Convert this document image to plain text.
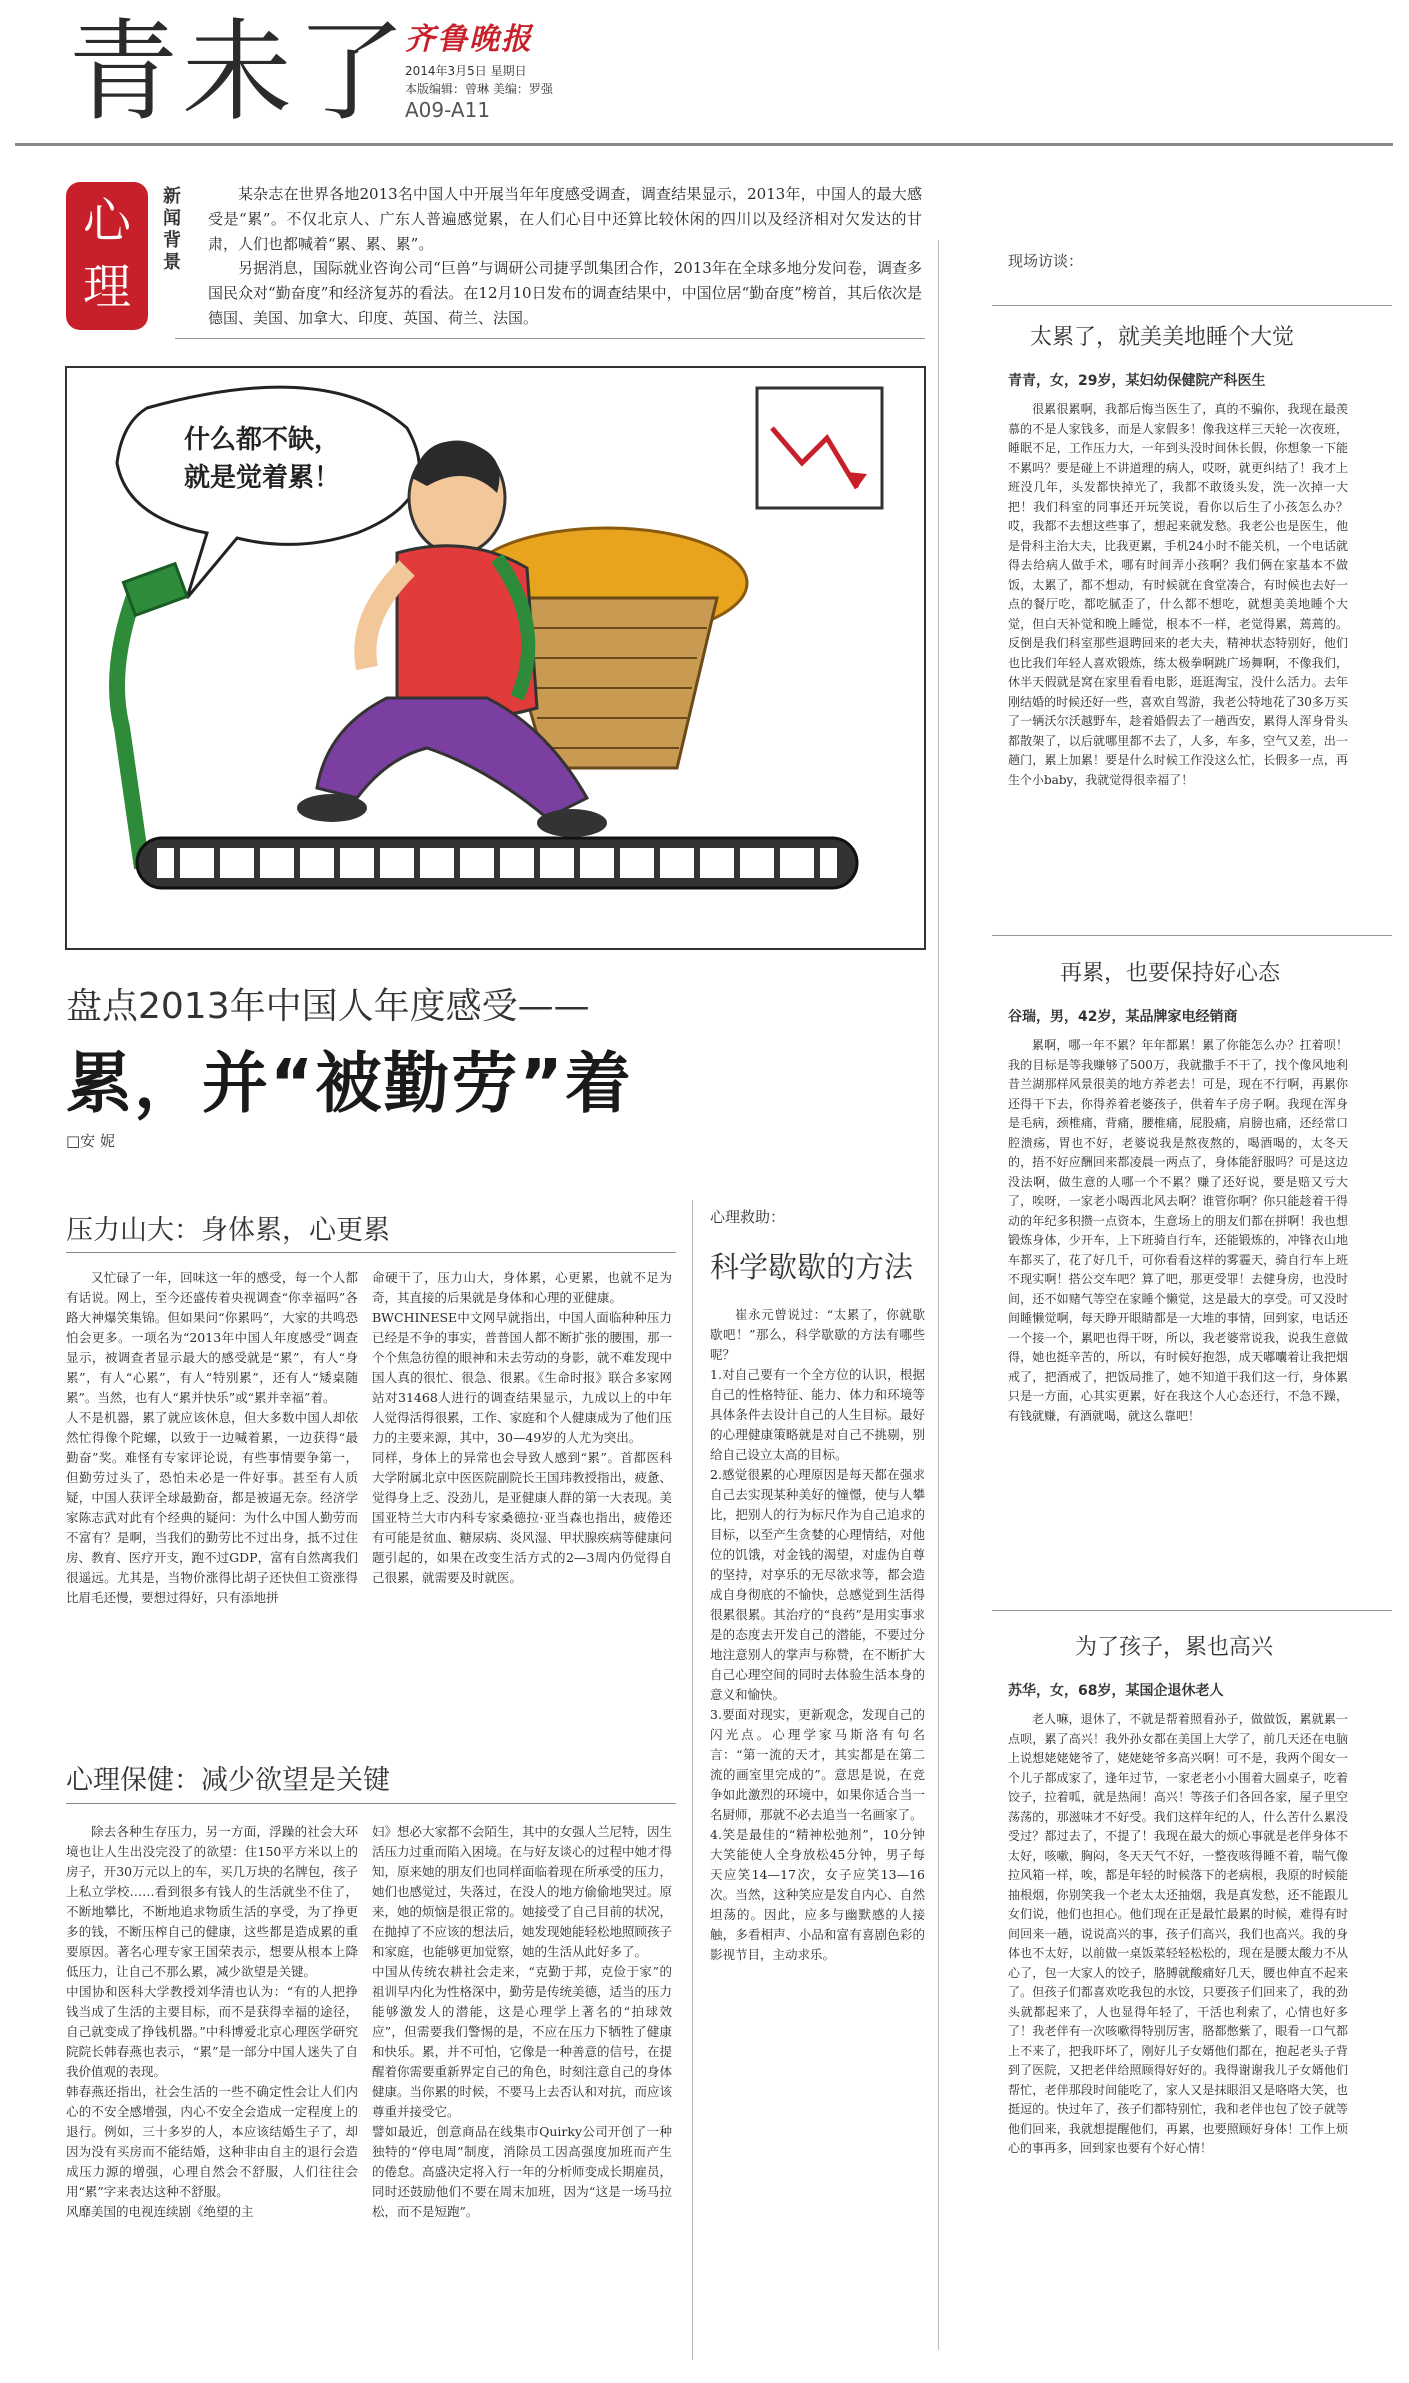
青未了
齐鲁晚报
2014年3月5日 星期日
本版编辑：曾琳 美编：罗强
A09-A11
心
理
新闻背景
某杂志在世界各地2013名中国人中开展当年年度感受调查，调查结果显示，2013年，中国人的最大感受是“累”。不仅北京人、广东人普遍感觉累，在人们心目中还算比较休闲的四川以及经济相对欠发达的甘肃，人们也都喊着“累、累、累”。
另据消息，国际就业咨询公司“巨兽”与调研公司捷孚凯集团合作，2013年在全球多地分发问卷，调查多国民众对“勤奋度”和经济复苏的看法。在12月10日发布的调查结果中，中国位居“勤奋度”榜首，其后依次是德国、美国、加拿大、印度、英国、荷兰、法国。
什么都不缺，
就是觉着累！
盘点2013年中国人年度感受——
累，并“被勤劳”着
□安 妮
压力山大：身体累，心更累
又忙碌了一年，回味这一年的感受，每一个人都有话说。网上，至今还盛传着央视调查“你幸福吗”各路大神爆笑集锦。但如果问“你累吗”，大家的共鸣恐怕会更多。一项名为“2013年中国人年度感受”调查显示，被调查者显示最大的感受就是“累”，有人“身累”，有人“心累”，有人“特别累”，还有人“矮桌随累”。当然，也有人“累并快乐”或“累并幸福”着。
人不是机器，累了就应该休息，但大多数中国人却依然忙得像个陀螺，以致于一边喊着累，一边获得“最勤奋”奖。难怪有专家评论说，有些事情要争第一，但勤劳过头了，恐怕未必是一件好事。甚至有人质疑，中国人获评全球最勤奋，都是被逼无奈。经济学家陈志武对此有个经典的疑问：为什么中国人勤劳而不富有？是啊，当我们的勤劳比不过出身，抵不过住房、教育、医疗开支，跑不过GDP，富有自然离我们很遥远。尤其是，当物价涨得比胡子还快但工资涨得比眉毛还慢，要想过得好，只有添地拼
命硬干了，压力山大，身体累，心更累，也就不足为奇，其直接的后果就是身体和心理的亚健康。
BWCHINESE中文网早就指出，中国人面临种种压力已经是不争的事实，普普国人都不断扩张的腰围，那一个个焦急彷徨的眼神和未去劳动的身影，就不难发现中国人真的很忙、很急、很累。《生命时报》联合多家网站对31468人进行的调查结果显示，九成以上的中年人觉得活得很累，工作、家庭和个人健康成为了他们压力的主要来源，其中，30—49岁的人尤为突出。
同样，身体上的异常也会导致人感到“累”。首都医科大学附属北京中医医院副院长王国玮教授指出，疲惫、觉得身上乏、没劲儿，是亚健康人群的第一大表现。美国亚特兰大市内科专家桑德拉·亚当森也指出，疲倦还有可能是贫血、糖尿病、炎风湿、甲状腺疾病等健康问题引起的，如果在改变生活方式的2—3周内仍觉得自己很累，就需要及时就医。
心理保健：减少欲望是关键
除去各种生存压力，另一方面，浮躁的社会大环境也让人生出没完没了的欲望：住150平方米以上的房子，开30万元以上的车，买几万块的名牌包，孩子上私立学校……看到很多有钱人的生活就坐不住了，不断地攀比，不断地追求物质生活的享受，为了挣更多的钱，不断压榨自己的健康，这些都是造成累的重要原因。著名心理专家王国荣表示，想要从根本上降低压力，让自己不那么累，减少欲望是关键。
中国协和医科大学教授刘华清也认为：“有的人把挣钱当成了生活的主要目标，而不是获得幸福的途径，自己就变成了挣钱机器。”中科博爱北京心理医学研究院院长韩春燕也表示，“累”是一部分中国人迷失了自我价值观的表现。
韩春燕还指出，社会生活的一些不确定性会让人们内心的不安全感增强，内心不安全会造成一定程度上的退行。例如，三十多岁的人，本应该结婚生子了，却因为没有买房而不能结婚，这种非由自主的退行会造成压力源的增强，心理自然会不舒服，人们往往会用“累”字来表达这种不舒服。
风靡美国的电视连续剧《绝望的主
妇》想必大家都不会陌生，其中的女强人兰尼特，因生活压力过重而陷入困境。在与好友谈心的过程中她才得知，原来她的朋友们也同样面临着现在所承受的压力，她们也感觉过，失落过，在没人的地方偷偷地哭过。原来，她的烦恼是很正常的。她接受了自己目前的状况，在抛掉了不应该的想法后，她发现她能轻松地照顾孩子和家庭，也能够更加觉察，她的生活从此好多了。
中国从传统农耕社会走来，“克勤于邦，克俭于家”的祖训早内化为性格深中，勤劳是传统美德，适当的压力能够激发人的潜能，这是心理学上著名的“拍球效应”，但需要我们警惕的是，不应在压力下牺牲了健康和快乐。累，并不可怕，它像是一种善意的信号，在提醒着你需要重新界定自己的角色，时刻注意自己的身体健康。当你累的时候，不要马上去否认和对抗，而应该尊重并接受它。
譬如最近，创意商品在线集市Quirky公司开创了一种独特的“停电周”制度，消除员工因高强度加班而产生的倦怠。高盛决定将入行一年的分析师变成长期雇员，同时还鼓励他们不要在周末加班，因为“这是一场马拉松，而不是短跑”。
心理救助：
科学歇歇的方法
崔永元曾说过：“太累了，你就歇歇吧！”那么，科学歇歇的方法有哪些呢？
1.对自己要有一个全方位的认识，根据自己的性格特征、能力、体力和环境等具体条件去设计自己的人生目标。最好的心理健康策略就是对自己不挑剔，别给自己设立太高的目标。
2.感觉很累的心理原因是每天都在强求自己去实现某种美好的憧憬，使与人攀比，把别人的行为标尺作为自己追求的目标，以至产生贪婪的心理情结，对他位的饥饿，对金钱的渴望，对虚伪自尊的坚持，对享乐的无尽欲求等，都会造成自身彻底的不愉快，总感觉到生活得很累很累。其治疗的“良药”是用实事求是的态度去开发自己的潜能，不要过分地注意别人的掌声与称赞，在不断扩大自己心理空间的同时去体验生活本身的意义和愉快。
3.要面对现实，更新观念，发现自己的闪光点。心理学家马斯洛有句名言：“第一流的天才，其实都是在第二流的画室里完成的”。意思是说，在竞争如此激烈的环境中，如果你适合当一名厨师，那就不必去追当一名画家了。
4.笑是最佳的“精神松弛剂”，10分钟大笑能使人全身放松45分钟，男子每天应笑14—17次，女子应笑13—16次。当然，这种笑应是发自内心、自然坦荡的。因此，应多与幽默感的人接触，多看相声、小品和富有喜剧色彩的影视节目，主动求乐。
现场访谈：
太累了，就美美地睡个大觉
青青，女，29岁，某妇幼保健院产科医生
很累很累啊，我都后悔当医生了，真的不骗你，我现在最羡慕的不是人家钱多，而是人家假多！像我这样三天轮一次夜班，睡眠不足，工作压力大，一年到头没时间休长假，你想象一下能不累吗？要是碰上不讲道理的病人，哎呀，就更纠结了！我才上班没几年，头发都快掉光了，我都不敢烫头发，洗一次掉一大把！我们科室的同事还开玩笑说，看你以后生了小孩怎么办？哎，我都不去想这些事了，想起来就发愁。我老公也是医生，他是骨科主治大夫，比我更累，手机24小时不能关机，一个电话就得去给病人做手术，哪有时间弄小孩啊？我们俩在家基本不做饭，太累了，都不想动，有时候就在食堂凑合，有时候也去好一点的餐厅吃，都吃腻歪了，什么都不想吃，就想美美地睡个大觉，但白天补觉和晚上睡觉，根本不一样，老觉得累，蔫蔫的。反倒是我们科室那些退聘回来的老大夫，精神状态特别好，他们也比我们年轻人喜欢锻炼，练太极拳啊跳广场舞啊，不像我们，休半天假就是窝在家里看看电影，逛逛淘宝，没什么活力。去年刚结婚的时候还好一些，喜欢自驾游，我老公特地花了30多万买了一辆沃尔沃越野车，趁着婚假去了一趟西安，累得人浑身骨头都散架了，以后就哪里都不去了，人多，车多，空气又差，出一趟门，累上加累！要是什么时候工作没这么忙，长假多一点，再生个小baby，我就觉得很幸福了！
再累，也要保持好心态
谷瑞，男，42岁，某品牌家电经销商
累啊，哪一年不累？年年都累！累了你能怎么办？扛着呗！我的目标是等我赚够了500万，我就撒手不干了，找个像风地利昔兰湖那样风景很美的地方养老去！可是，现在不行啊，再累你还得干下去，你得养着老婆孩子，供着车子房子啊。我现在浑身是毛病，颈椎痛，背痛，腰椎痛，屁股痛，肩膀也痛，还经常口腔溃疡，胃也不好，老婆说我是熬夜熬的，喝酒喝的，太冬天的，捂不好应酬回来都凌晨一两点了，身体能舒服吗？可是这边没法啊，做生意的人哪一个不累？赚了还好说，要是赔又亏大了，唉呀，一家老小喝西北风去啊？谁管你啊？你只能趁着干得动的年纪多积攒一点资本，生意场上的朋友们都在拼啊！我也想锻炼身体，少开车，上下班骑自行车，还能锻炼的，冲锋衣山地车都买了，花了好几千，可你看看这样的雾霾天，骑自行车上班不现实啊！搭公交车吧？算了吧，那更受罪！去健身房，也没时间，还不如赌气等空在家睡个懒觉，这是最大的享受。可又没时间睡懒觉啊，每天睁开眼睛都是一大堆的事情，回到家，电话还一个接一个，累吧也得干呀，所以，我老婆常说我，说我生意做得，她也挺辛苦的，所以，有时候好抱怨，成天嘟囔着让我把烟戒了，把酒戒了，把饭局推了，她不知道干我们这一行，身体累只是一方面，心其实更累，好在我这个人心态还行，不急不躁，有钱就赚，有酒就喝，就这么靠吧！
为了孩子，累也高兴
苏华，女，68岁，某国企退休老人
老人嘛，退休了，不就是帮着照看孙子，做做饭，累就累一点呗，累了高兴！我外孙女都在美国上大学了，前几天还在电脑上说想姥姥姥爷了，姥姥姥爷多高兴啊！可不是，我两个闺女一个儿子都成家了，逢年过节，一家老老小小围着大圆桌子，吃着饺子，拉着呱，就是热闹！高兴！等孩子们各回各家，屋子里空荡荡的，那滋味才不好受。我们这样年纪的人，什么苦什么累没受过？都过去了，不提了！我现在最大的烦心事就是老伴身体不太好，咳嗽，胸闷，冬天天气不好，一整夜咳得睡不着，喘气像拉风箱一样，唉，都是年轻的时候落下的老病根，我原的时候能抽根烟，你别笑我一个老太太还抽烟，我是真发愁，还不能跟儿女们说，他们也担心。他们现在正是最忙最累的时候，难得有时间回来一趟，说说高兴的事，孩子们高兴，我们也高兴。我的身体也不太好，以前做一桌饭菜轻轻松松的，现在是腰太酸力不从心了，包一大家人的饺子，胳膊就酸痛好几天，腰也伸直不起来了。但孩子们都喜欢吃我包的水饺，只要孩子们回来了，我的劲头就都起来了，人也显得年轻了，干活也利索了，心情也好多了！我老伴有一次咳嗽得特别厉害，胳都憋紫了，眼看一口气都上不来了，把我吓坏了，刚好儿子女婿他们都在，抱起老头子背到了医院，又把老伴给照顾得好好的。我得谢谢我儿子女婿他们帮忙，老伴那段时间能吃了，家人又是抹眼泪又是咯咯大笑，也挺逗的。快过年了，孩子们都特别忙，我和老伴也包了饺子就等他们回来，我就想提醒他们，再累，也要照顾好身体！工作上烦心的事再多，回到家也要有个好心情！
